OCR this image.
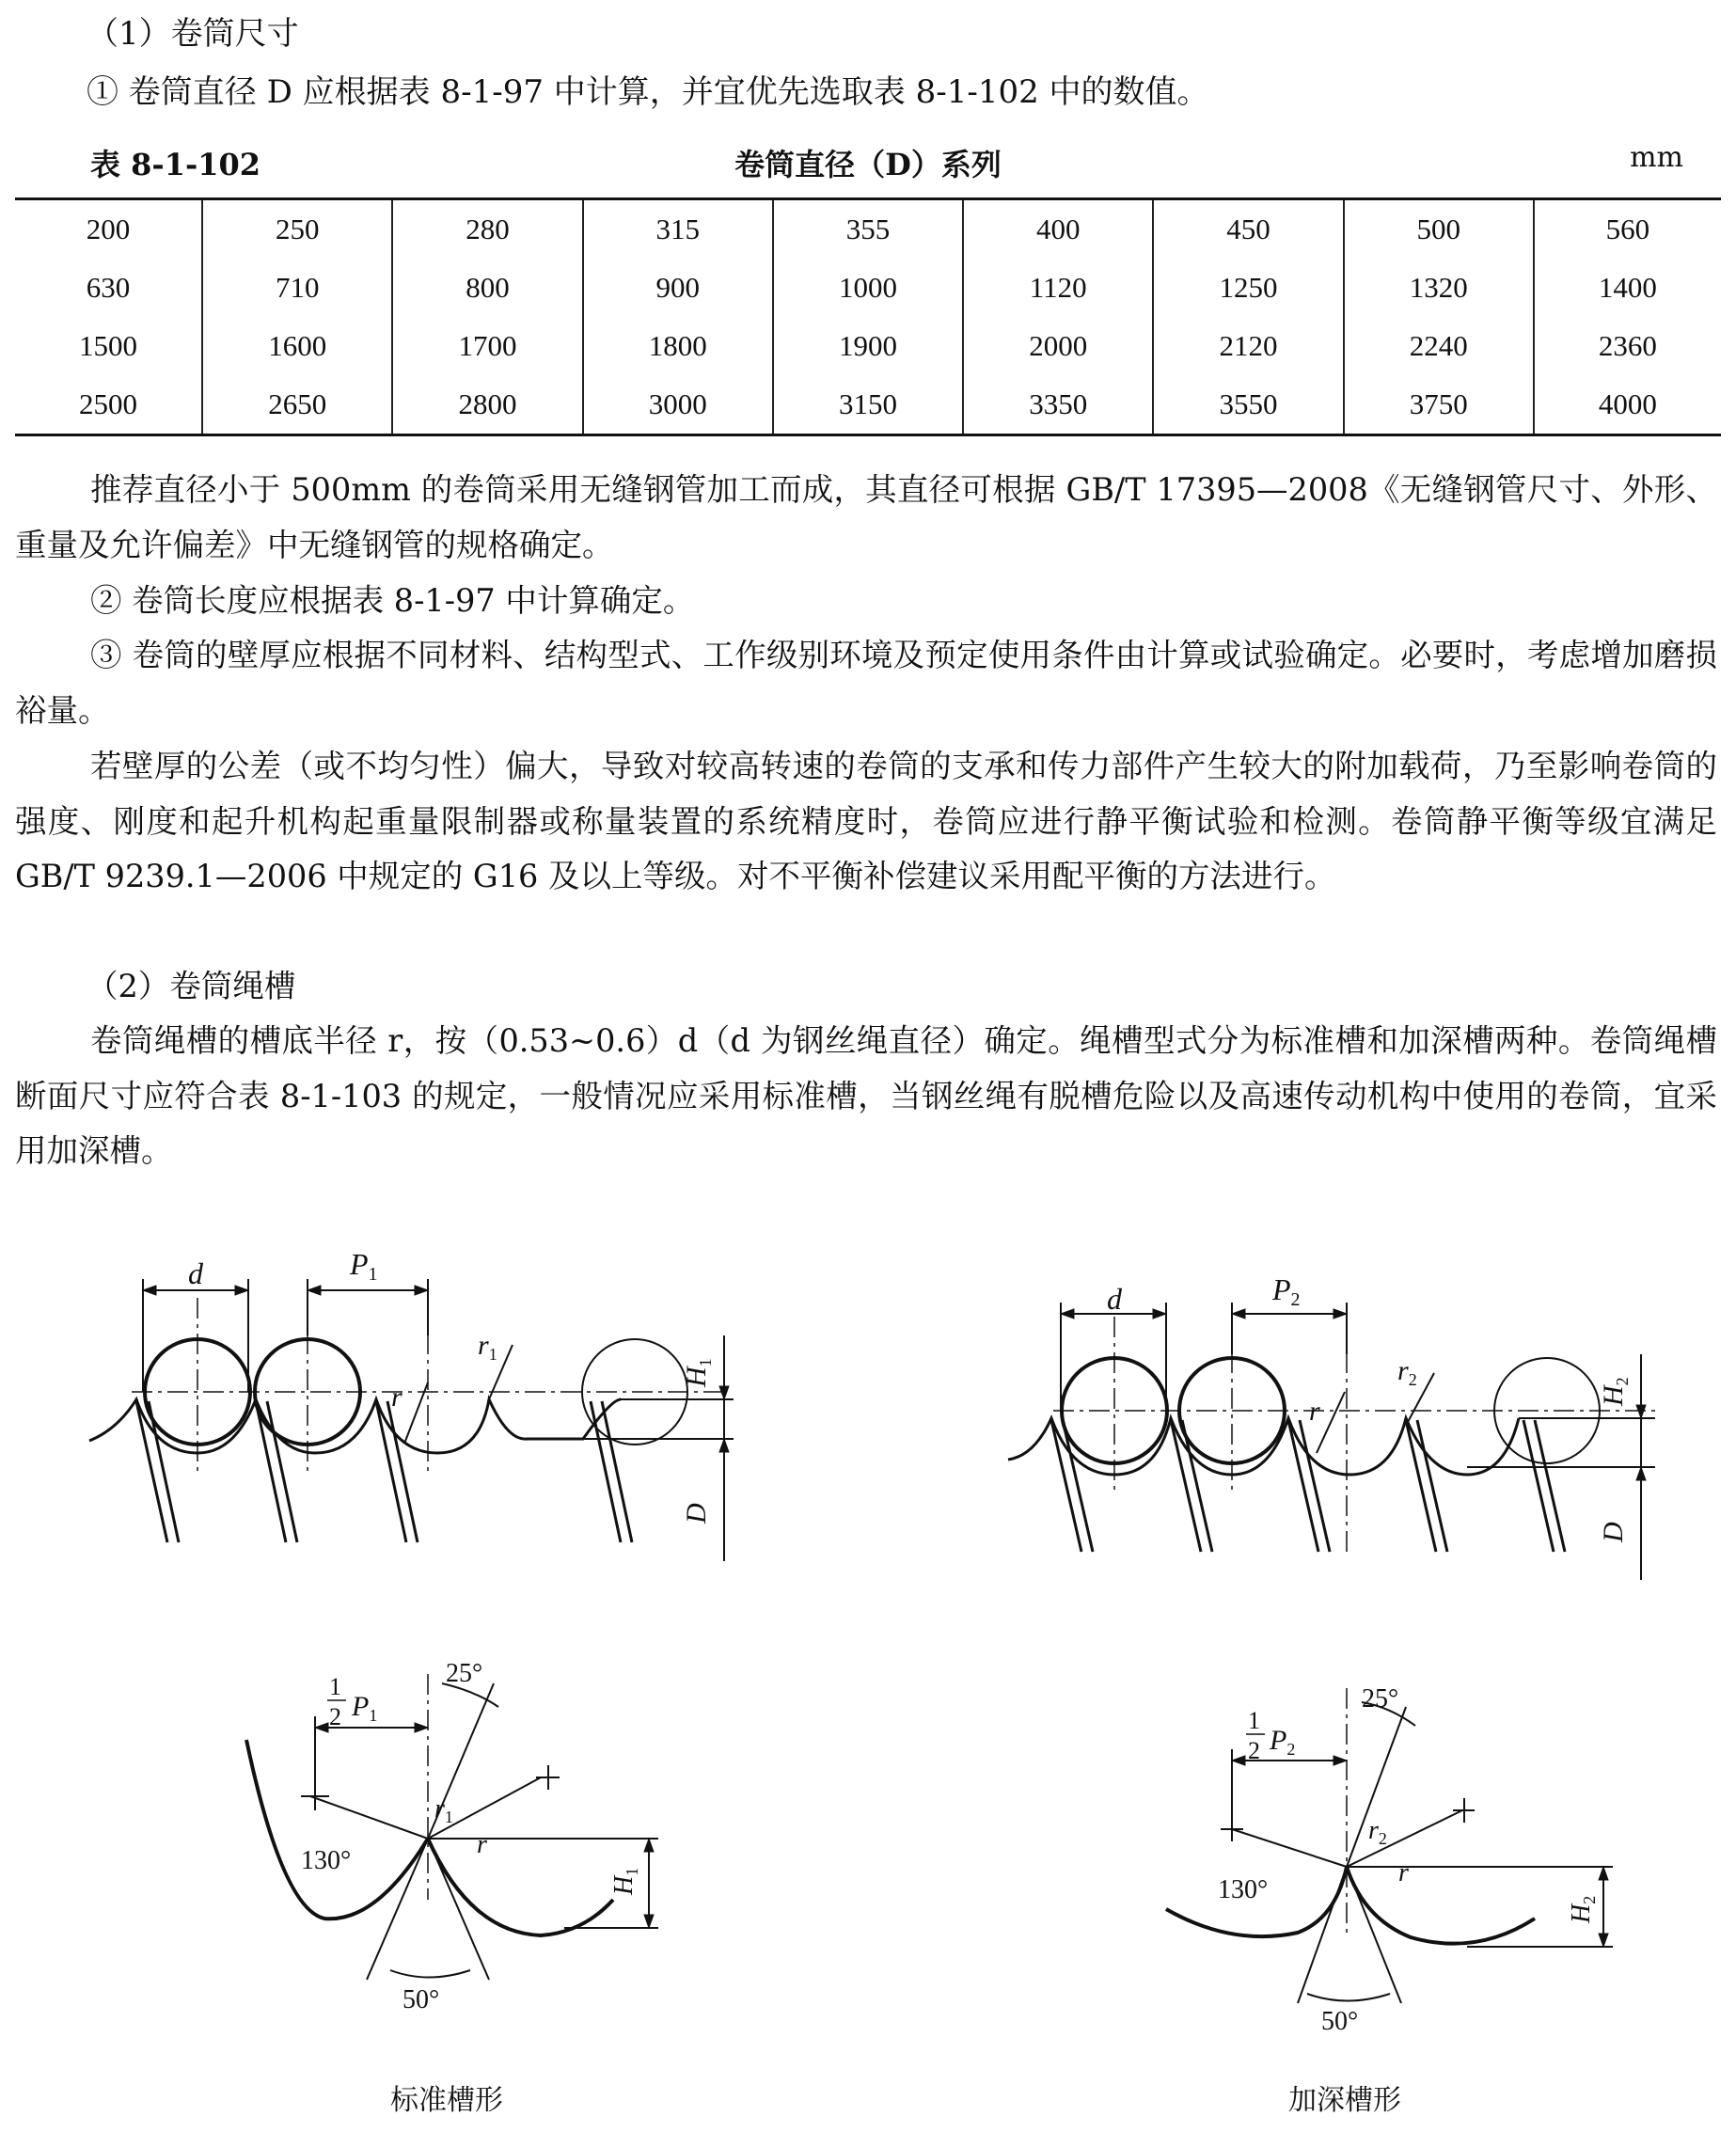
（1）卷筒尺寸
① 卷筒直径 D 应根据表 8-1-97 中计算，并宜优先选取表 8-1-102 中的数值。
表 8-1-102	卷筒直径（D）系列	mm
200	250	280	315	355	400	450	500	560
630	710	800	900	1000	1120	1250	1320	1400
1500	1600	1700	1800	1900	2000	2120	2240	2360
2500	2650	2800	3000	3150	3350	3550	3750	4000
推荐直径小于 500mm 的卷筒采用无缝钢管加工而成，其直径可根据 GB/T 17395—2008《无缝钢管尺寸、外形、重量及允许偏差》中无缝钢管的规格确定。
② 卷筒长度应根据表 8-1-97 中计算确定。
③ 卷筒的壁厚应根据不同材料、结构型式、工作级别环境及预定使用条件由计算或试验确定。必要时，考虑增加磨损裕量。
若壁厚的公差（或不均匀性）偏大，导致对较高转速的卷筒的支承和传力部件产生较大的附加载荷，乃至影响卷筒的强度、刚度和起升机构起重量限制器或称量装置的系统精度时，卷筒应进行静平衡试验和检测。卷筒静平衡等级宜满足 GB/T 9239.1—2006 中规定的 G16 及以上等级。对不平衡补偿建议采用配平衡的方法进行。
（2）卷筒绳槽
卷筒绳槽的槽底半径 r，按（0.53~0.6）d（d 为钢丝绳直径）确定。绳槽型式分为标准槽和加深槽两种。卷筒绳槽断面尺寸应符合表 8-1-103 的规定，一般情况应采用标准槽，当钢丝绳有脱槽危险以及高速传动机构中使用的卷筒，宜采用加深槽。
d	P1
$r_1$
r
$H_1$
D
d	P2
$r_2$
r	$H_2$
D
1
2 $P_1$
25°
130°
50°
$r_1$
r
$H_1$
1
2 $P_2$
25°
130°
50°
$r_2$
r
$H_2$
标准槽形	加深槽形
